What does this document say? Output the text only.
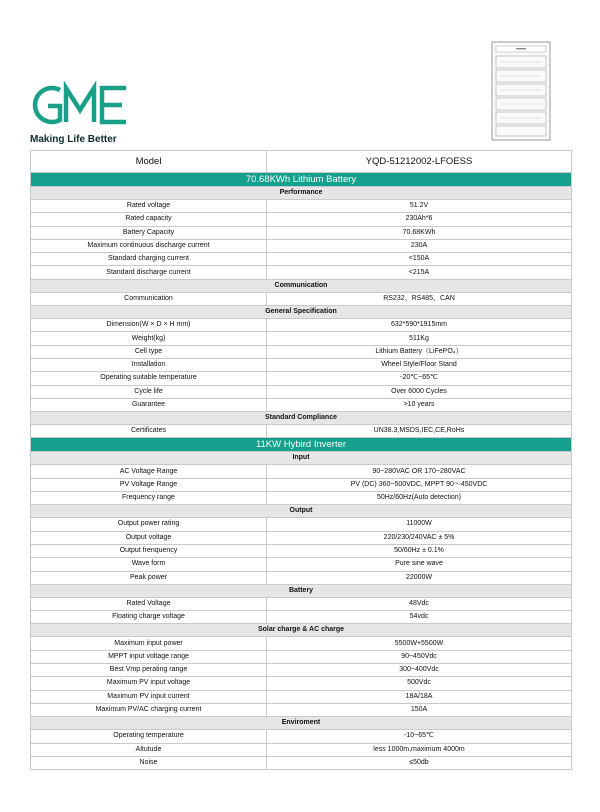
Making Life Better
Model	YQD-51212002-LFOESS
70.68KWh Lithium Battery	
Performance	
Rated voltage	51.2V
Rated capacity	230Ah*6
Battery Capacity	70.68KWh
Maximum continuous discharge current	230A
Standard charging current	<150A
Standard discharge current	<215A
Communication	
Communication	RS232、RS485、CAN
General Specification	
Dimension(W × D × H mm)	632*590*1915mm
Weight(kg)	511Kg
Cell type	Lithium Battery（LiFePO₄）
Installation	Wheel Style/Floor Stand
Operating suitable temperature	-20℃~65℃
Cycle life	Over 6000 Cycles
Guarantee	>10 years
Standard Compliance	
Certificates	UN38.3,MSDS,IEC,CE,RoHs
11KW Hybird Inverter	
Input	
AC Voltage Range	90~280VAC OR 170~280VAC
PV Voltage Range	PV (DC) 360~500VDC, MPPT 90～450VDC
Frequency range	50Hz/60Hz(Auto detection)
Output	
Output power rating	11000W
Output voltage	220/230/240VAC ± 5%
Output frenquency	50/60Hz ± 0.1%
Wave form	Pure sine wave
Peak power	22000W
Battery	
Rated Voltage	48Vdc
Floating charge voltage	54vdc
Solar charge & AC charge	
Maximum input power	5500W+5500W
MPPT input voltage range	90~450Vdc
Best Vmp perating range	300~400Vdc
Maximum PV input voltage	500Vdc
Maximum PV input current	18A/18A
Maximum PV/AC charging current	150A
Enviroment	
Operating temperature	-10~65℃
Altutude	less 1000m,maximum 4000m
Noise	≤50db
